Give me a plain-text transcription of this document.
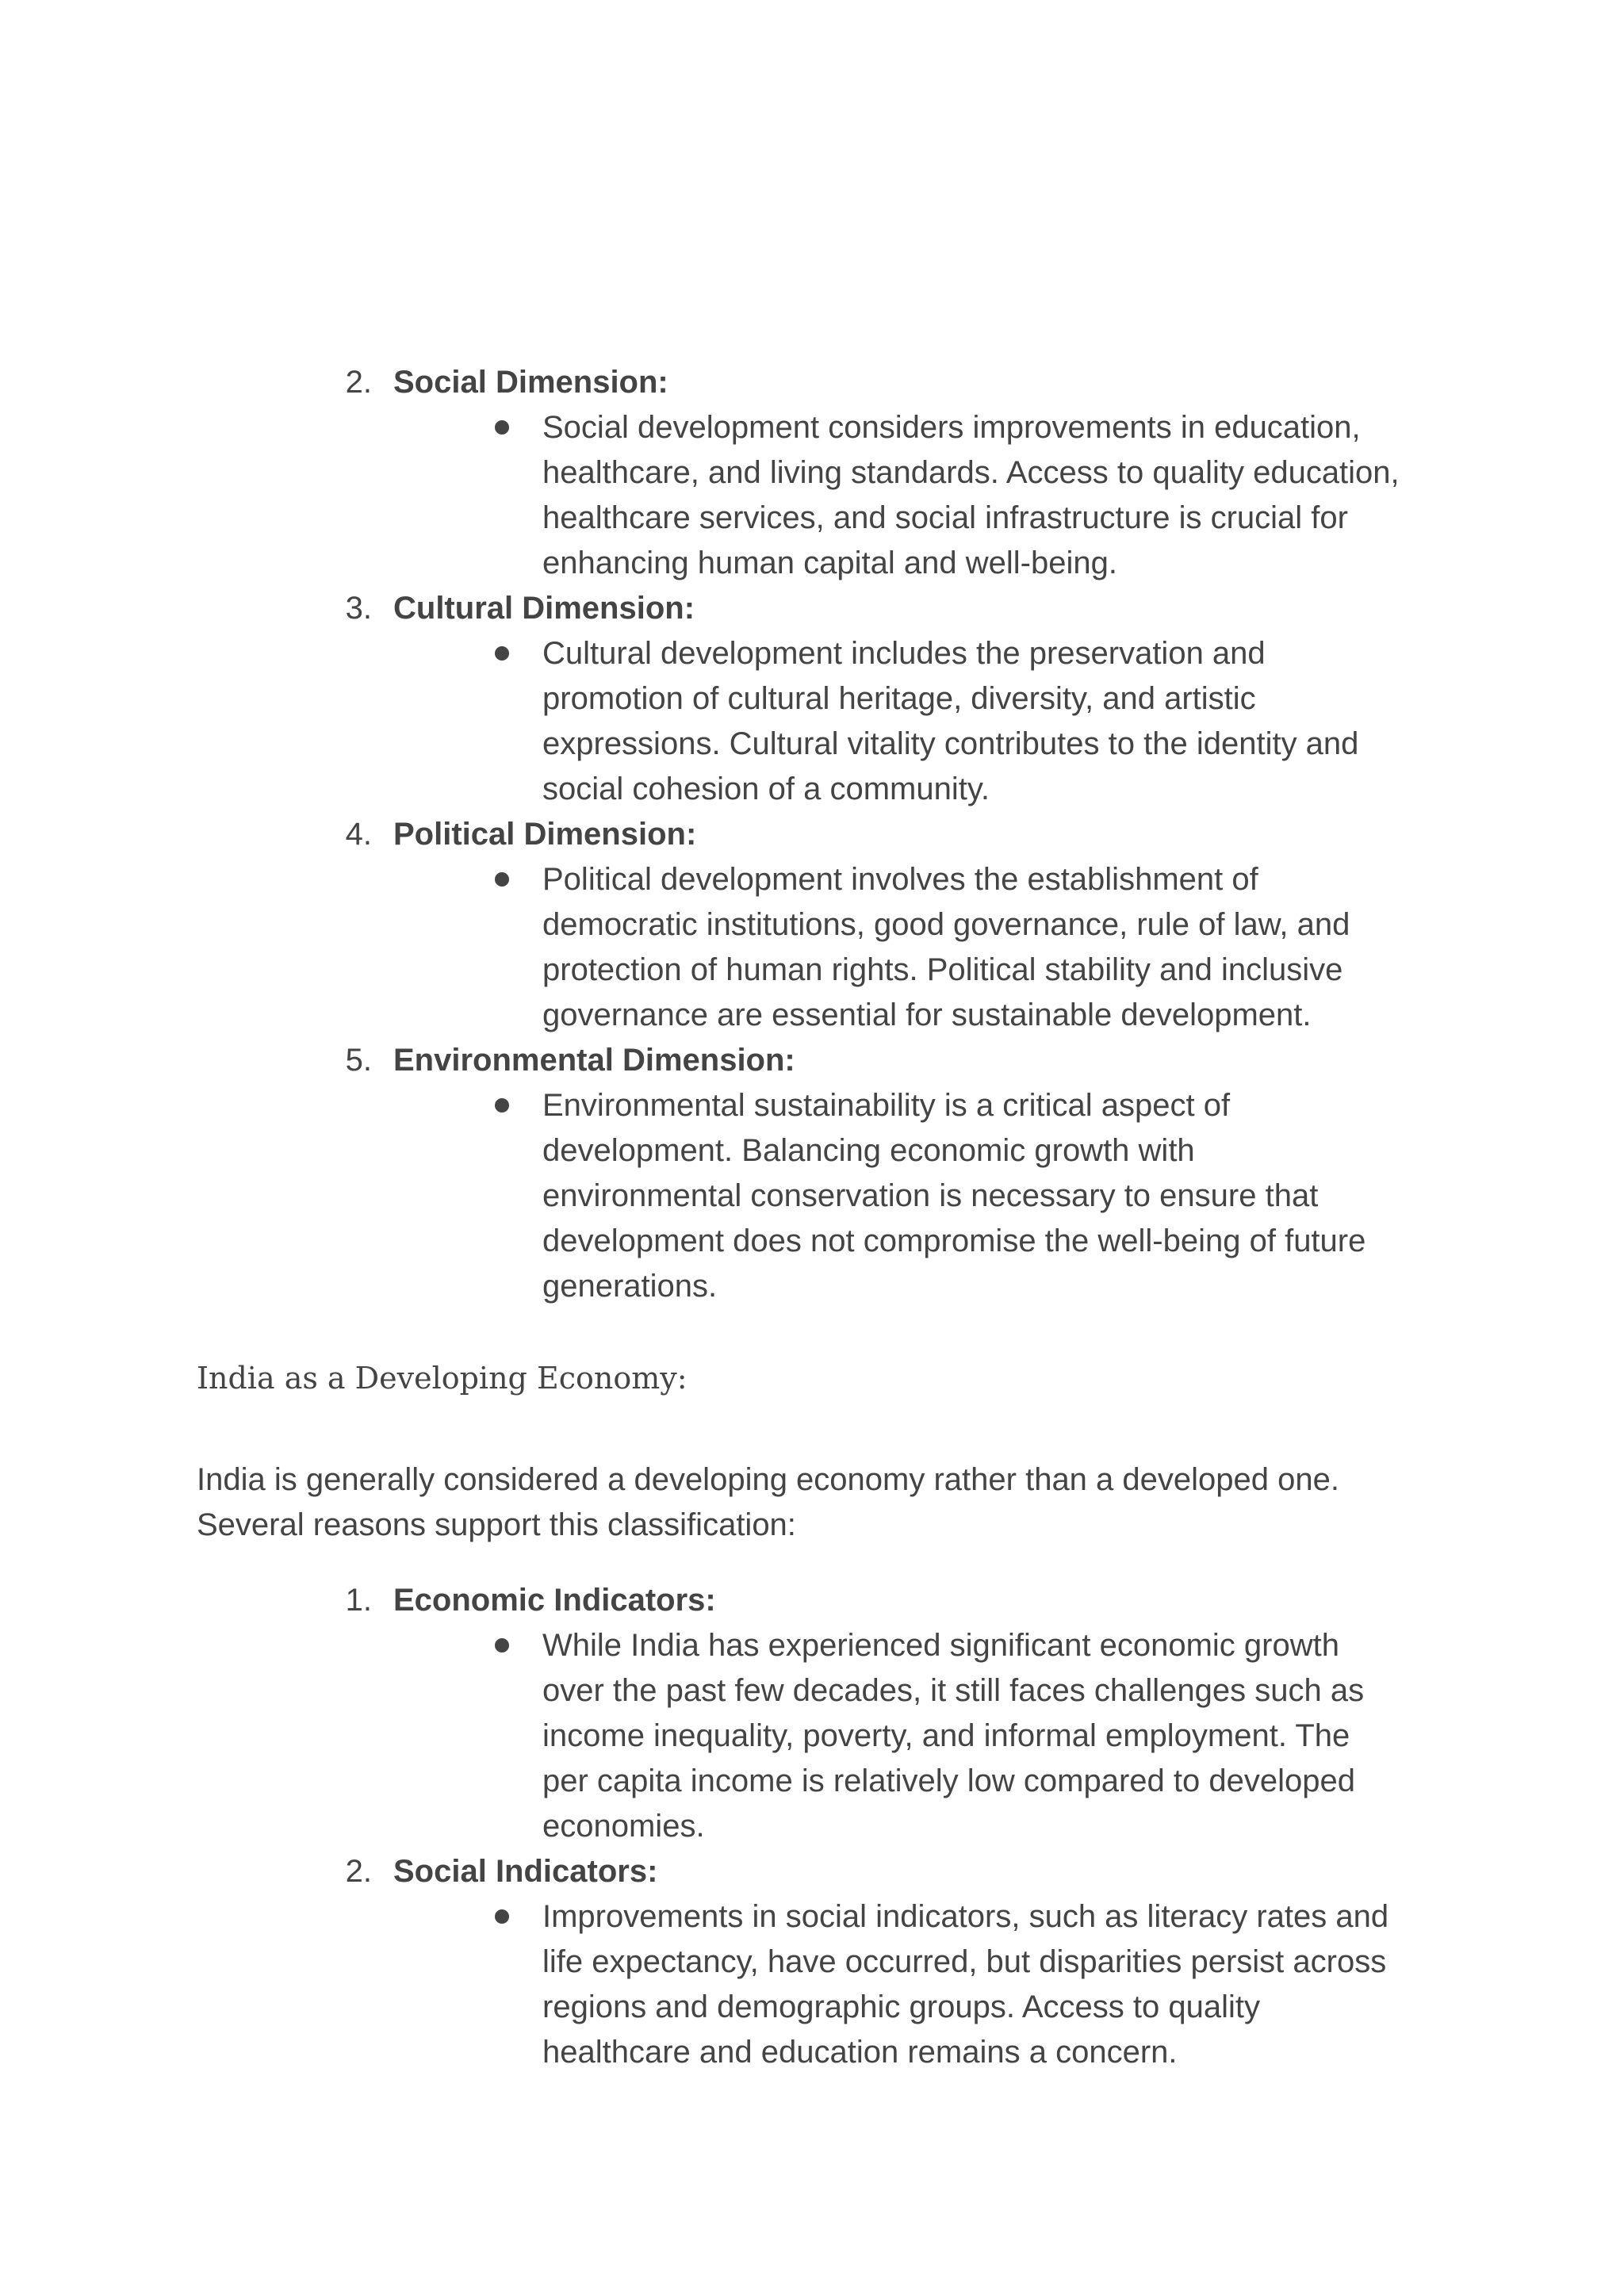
2. Social Dimension:
Social development considers improvements in education,
healthcare, and living standards. Access to quality education,
healthcare services, and social infrastructure is crucial for
enhancing human capital and well-being.
3. Cultural Dimension:
Cultural development includes the preservation and
promotion of cultural heritage, diversity, and artistic
expressions. Cultural vitality contributes to the identity and
social cohesion of a community.
4. Political Dimension:
Political development involves the establishment of
democratic institutions, good governance, rule of law, and
protection of human rights. Political stability and inclusive
governance are essential for sustainable development.
5. Environmental Dimension:
Environmental sustainability is a critical aspect of
development. Balancing economic growth with
environmental conservation is necessary to ensure that
development does not compromise the well-being of future
generations.
India as a Developing Economy:
India is generally considered a developing economy rather than a developed one.
Several reasons support this classification:
1. Economic Indicators:
While India has experienced significant economic growth
over the past few decades, it still faces challenges such as
income inequality, poverty, and informal employment. The
per capita income is relatively low compared to developed
economies.
2. Social Indicators:
Improvements in social indicators, such as literacy rates and
life expectancy, have occurred, but disparities persist across
regions and demographic groups. Access to quality
healthcare and education remains a concern.
